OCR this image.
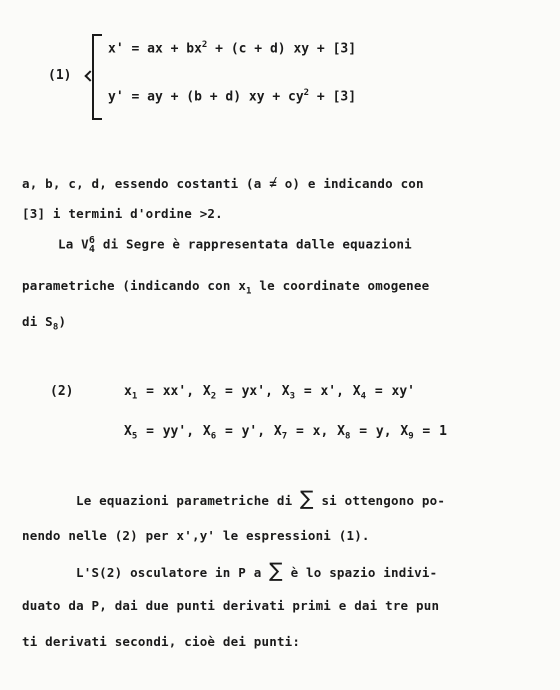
(1)
x' = ax + $bx^2 + (c + d)$ xy + [3]
y' = ay + (b + d) xy + $cy^2 + [3]$
a, b, c, d, essendo costanti (a = / o) e indicando con
[3] i termini d'ordine >2.
La V 6
4 di Segre è rappresentata dalle equazioni
parametriche (indicando con $x_1$ le coordinate omogenee
di $S_8$)
(2)	$x_1 = xx'$, $X_2 = yx'$, $X_3 = x'$, $X_4 = xy'$
$X_5 = yy'$, $X_6 = y'$, $X_7 = x$, $X_8 = y$, $X_9 = 1$
Le equazioni parametriche di ∑ si ottengono po-
nendo nelle (2) per x',y' le espressioni (1).
L'S(2) osculatore in P a ∑ è lo spazio indivi-
duato da P, dai due punti derivati primi e dai tre pun
ti derivati secondi, cioè dei punti:
